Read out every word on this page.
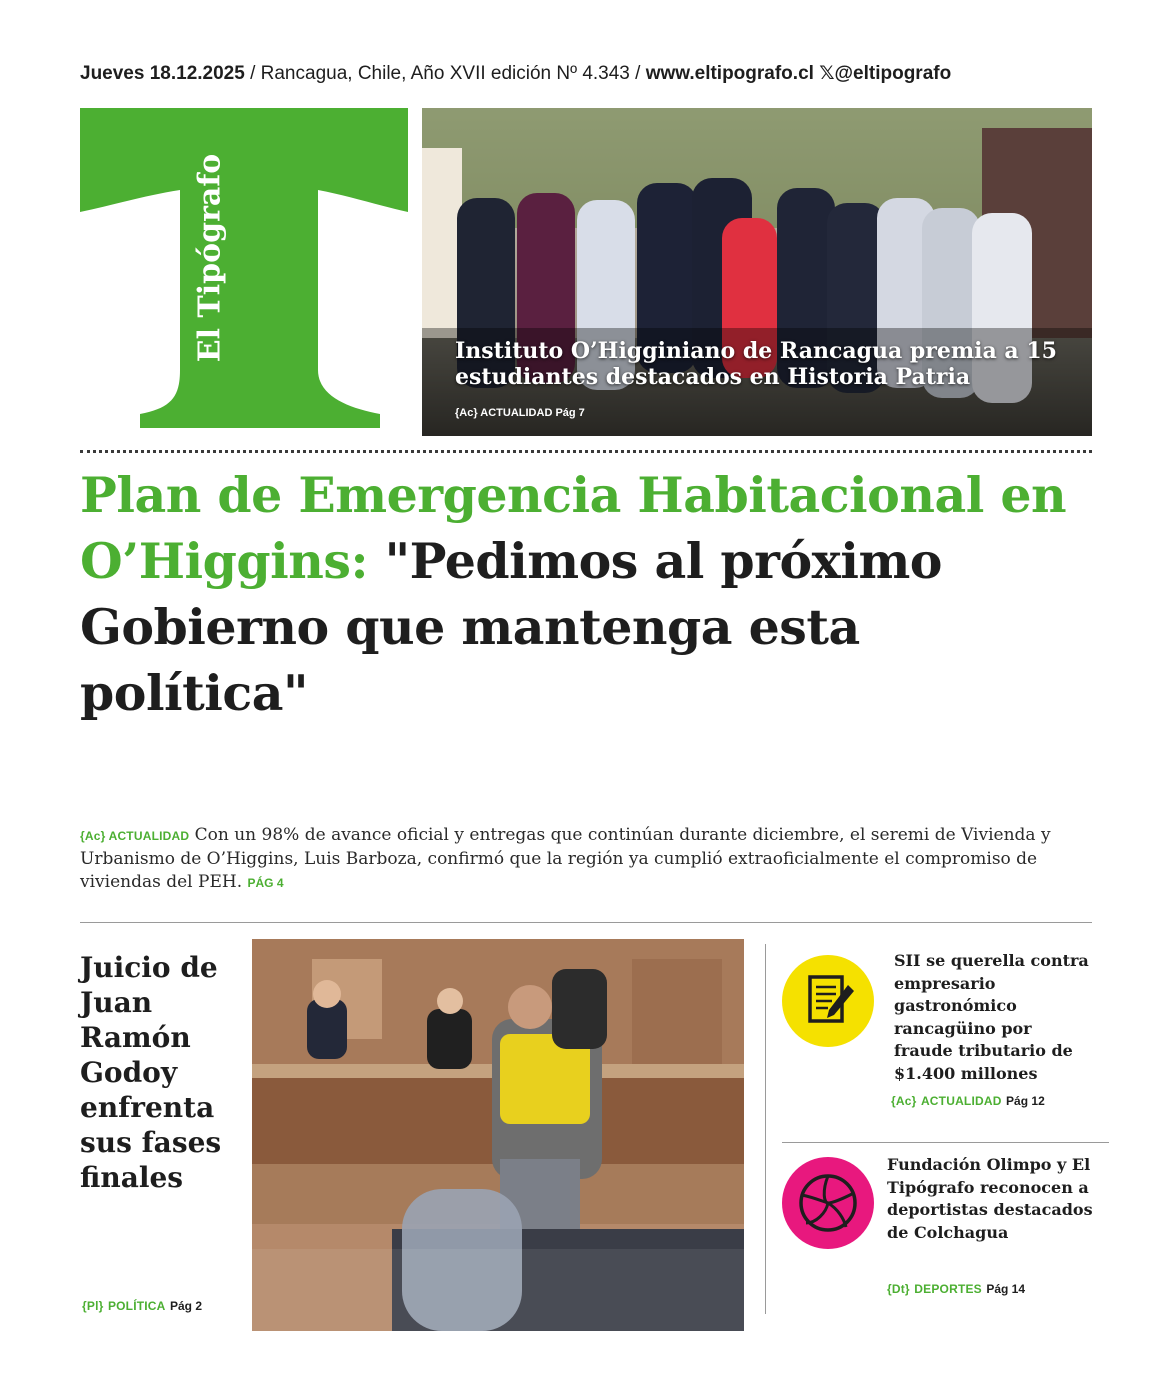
Jueves 18.12.2025 / Rancagua, Chile, Año XVII edición Nº 4.343 / www.eltipografo.cl 𝕏@eltipografo
El Tipógrafo	Instituto O’Higginiano de Rancagua premia a 15 estudiantes destacados en Historia Patria
{Ac} ACTUALIDAD Pág 7
Plan de Emergencia Habitacional en O’Higgins: "Pedimos al próximo Gobierno que mantenga esta política"
{Ac} ACTUALIDAD Con un 98% de avance oficial y entregas que continúan durante diciembre, el seremi de Vivienda y Urbanismo de O’Higgins, Luis Barboza, confirmó que la región ya cumplió extraoficialmente el compromiso de viviendas del PEH. PÁG 4
Juicio de Juan Ramón Godoy enfrenta sus fases finales
{Pl} POLÍTICA Pág 2
SII se querella contra empresario gastronómico rancagüino por fraude tributario de $1.400 millones
{Ac} ACTUALIDAD Pág 12
Fundación Olimpo y El Tipógrafo reconocen a deportistas destacados de Colchagua
{Dt} DEPORTES Pág 14
